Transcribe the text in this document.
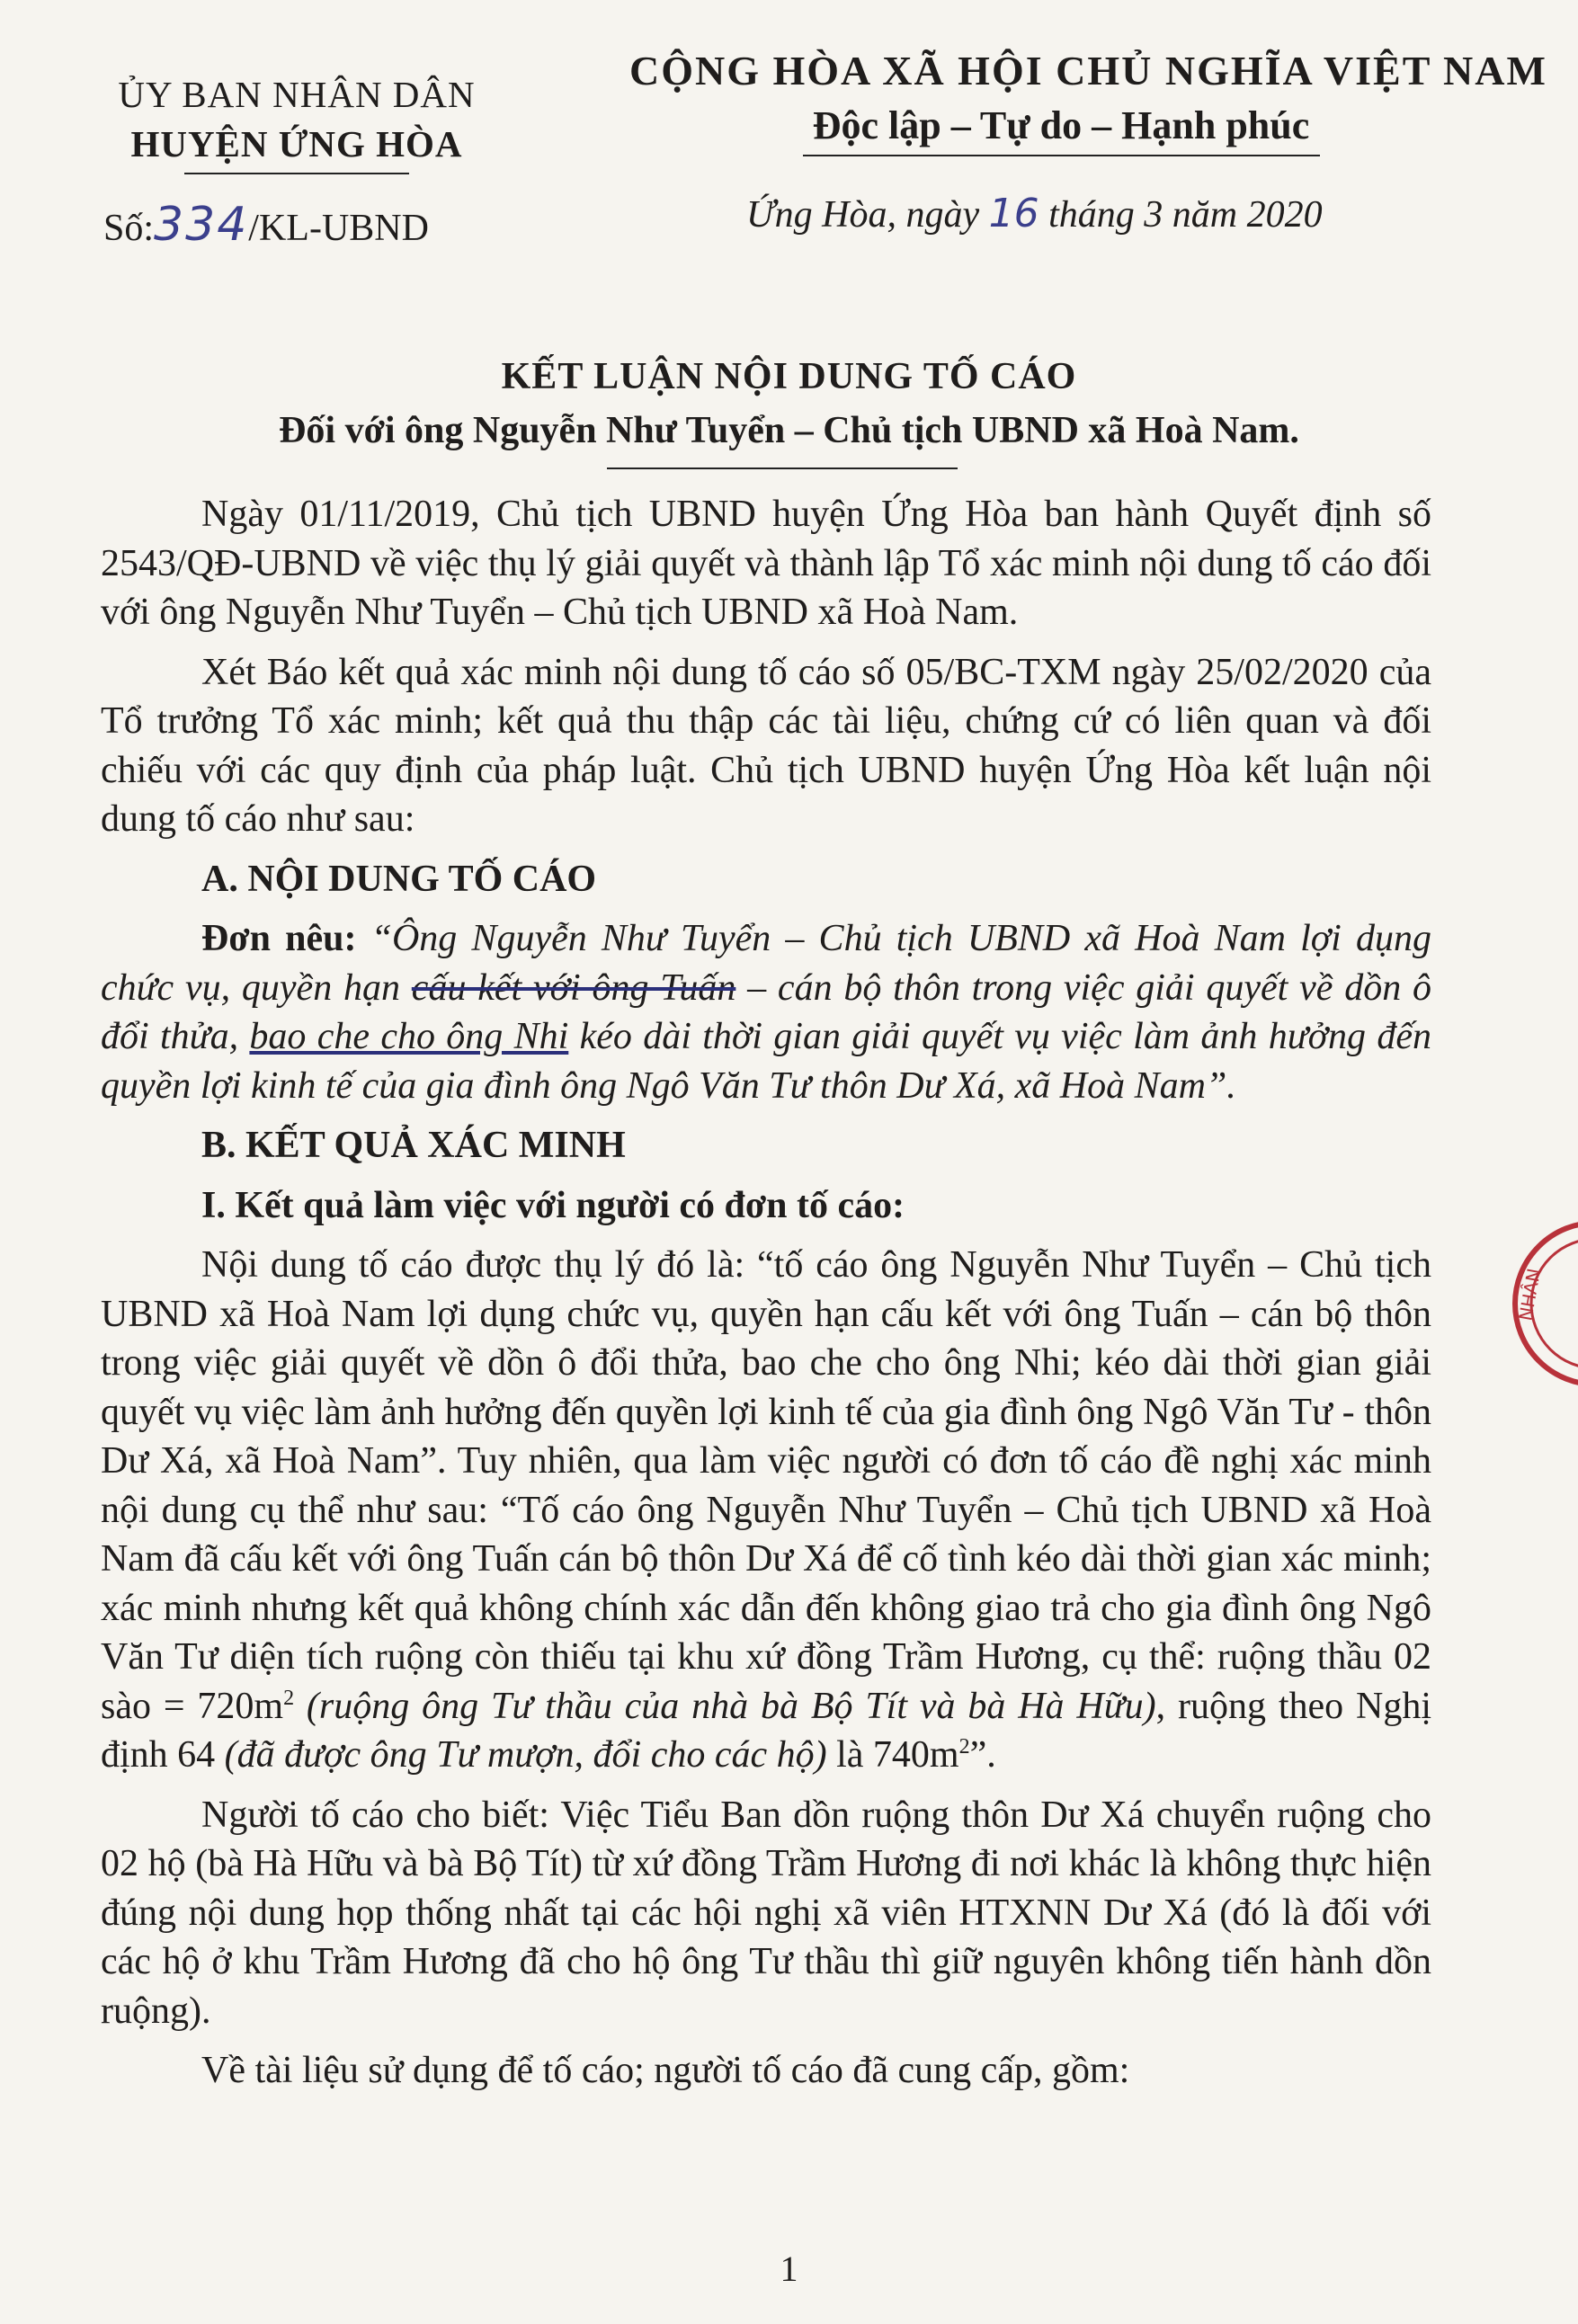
ỦY BAN NHÂN DÂN
HUYỆN ỨNG HÒA
Số:334/KL-UBND
CỘNG HÒA XÃ HỘI CHỦ NGHĨA VIỆT NAM
Độc lập – Tự do – Hạnh phúc
Ứng Hòa, ngày 16 tháng 3 năm 2020
KẾT LUẬN NỘI DUNG TỐ CÁO
Đối với ông Nguyễn Như Tuyển – Chủ tịch UBND xã Hoà Nam.

Ngày 01/11/2019, Chủ tịch UBND huyện Ứng Hòa ban hành Quyết định số 2543/QĐ-UBND về việc thụ lý giải quyết và thành lập Tổ xác minh nội dung tố cáo đối với ông Nguyễn Như Tuyển – Chủ tịch UBND xã Hoà Nam.

Xét Báo kết quả xác minh nội dung tố cáo số 05/BC-TXM ngày 25/02/2020 của Tổ trưởng Tổ xác minh; kết quả thu thập các tài liệu, chứng cứ có liên quan và đối chiếu với các quy định của pháp luật. Chủ tịch UBND huyện Ứng Hòa kết luận nội dung tố cáo như sau:

A. NỘI DUNG TỐ CÁO

Đơn nêu: “Ông Nguyễn Như Tuyển – Chủ tịch UBND xã Hoà Nam lợi dụng chức vụ, quyền hạn cấu kết với ông Tuấn – cán bộ thôn trong việc giải quyết về dồn ô đổi thửa, bao che cho ông Nhi kéo dài thời gian giải quyết vụ việc làm ảnh hưởng đến quyền lợi kinh tế của gia đình ông Ngô Văn Tư thôn Dư Xá, xã Hoà Nam”.

B. KẾT QUẢ XÁC MINH

I. Kết quả làm việc với người có đơn tố cáo:

Nội dung tố cáo được thụ lý đó là: “tố cáo ông Nguyễn Như Tuyển – Chủ tịch UBND xã Hoà Nam lợi dụng chức vụ, quyền hạn cấu kết với ông Tuấn – cán bộ thôn trong việc giải quyết về dồn ô đổi thửa, bao che cho ông Nhi; kéo dài thời gian giải quyết vụ việc làm ảnh hưởng đến quyền lợi kinh tế của gia đình ông Ngô Văn Tư - thôn Dư Xá, xã Hoà Nam”. Tuy nhiên, qua làm việc người có đơn tố cáo đề nghị xác minh nội dung cụ thể như sau: “Tố cáo ông Nguyễn Như Tuyển – Chủ tịch UBND xã Hoà Nam đã cấu kết với ông Tuấn cán bộ thôn Dư Xá để cố tình kéo dài thời gian xác minh; xác minh nhưng kết quả không chính xác dẫn đến không giao trả cho gia đình ông Ngô Văn Tư diện tích ruộng còn thiếu tại khu xứ đồng Trầm Hương, cụ thể: ruộng thầu 02 sào = $720m^2$ (ruộng ông Tư thầu của nhà bà Bộ Tít và bà Hà Hữu), ruộng theo Nghị định 64 (đã được ông Tư mượn, đổi cho các hộ) là $740m^2$”.

Người tố cáo cho biết: Việc Tiểu Ban dồn ruộng thôn Dư Xá chuyển ruộng cho 02 hộ (bà Hà Hữu và bà Bộ Tít) từ xứ đồng Trầm Hương đi nơi khác là không thực hiện đúng nội dung họp thống nhất tại các hội nghị xã viên HTXNN Dư Xá (đó là đối với các hộ ở khu Trầm Hương đã cho hộ ông Tư thầu thì giữ nguyên không tiến hành dồn ruộng).

Về tài liệu sử dụng để tố cáo; người tố cáo đã cung cấp, gồm:

NHÂN
1
